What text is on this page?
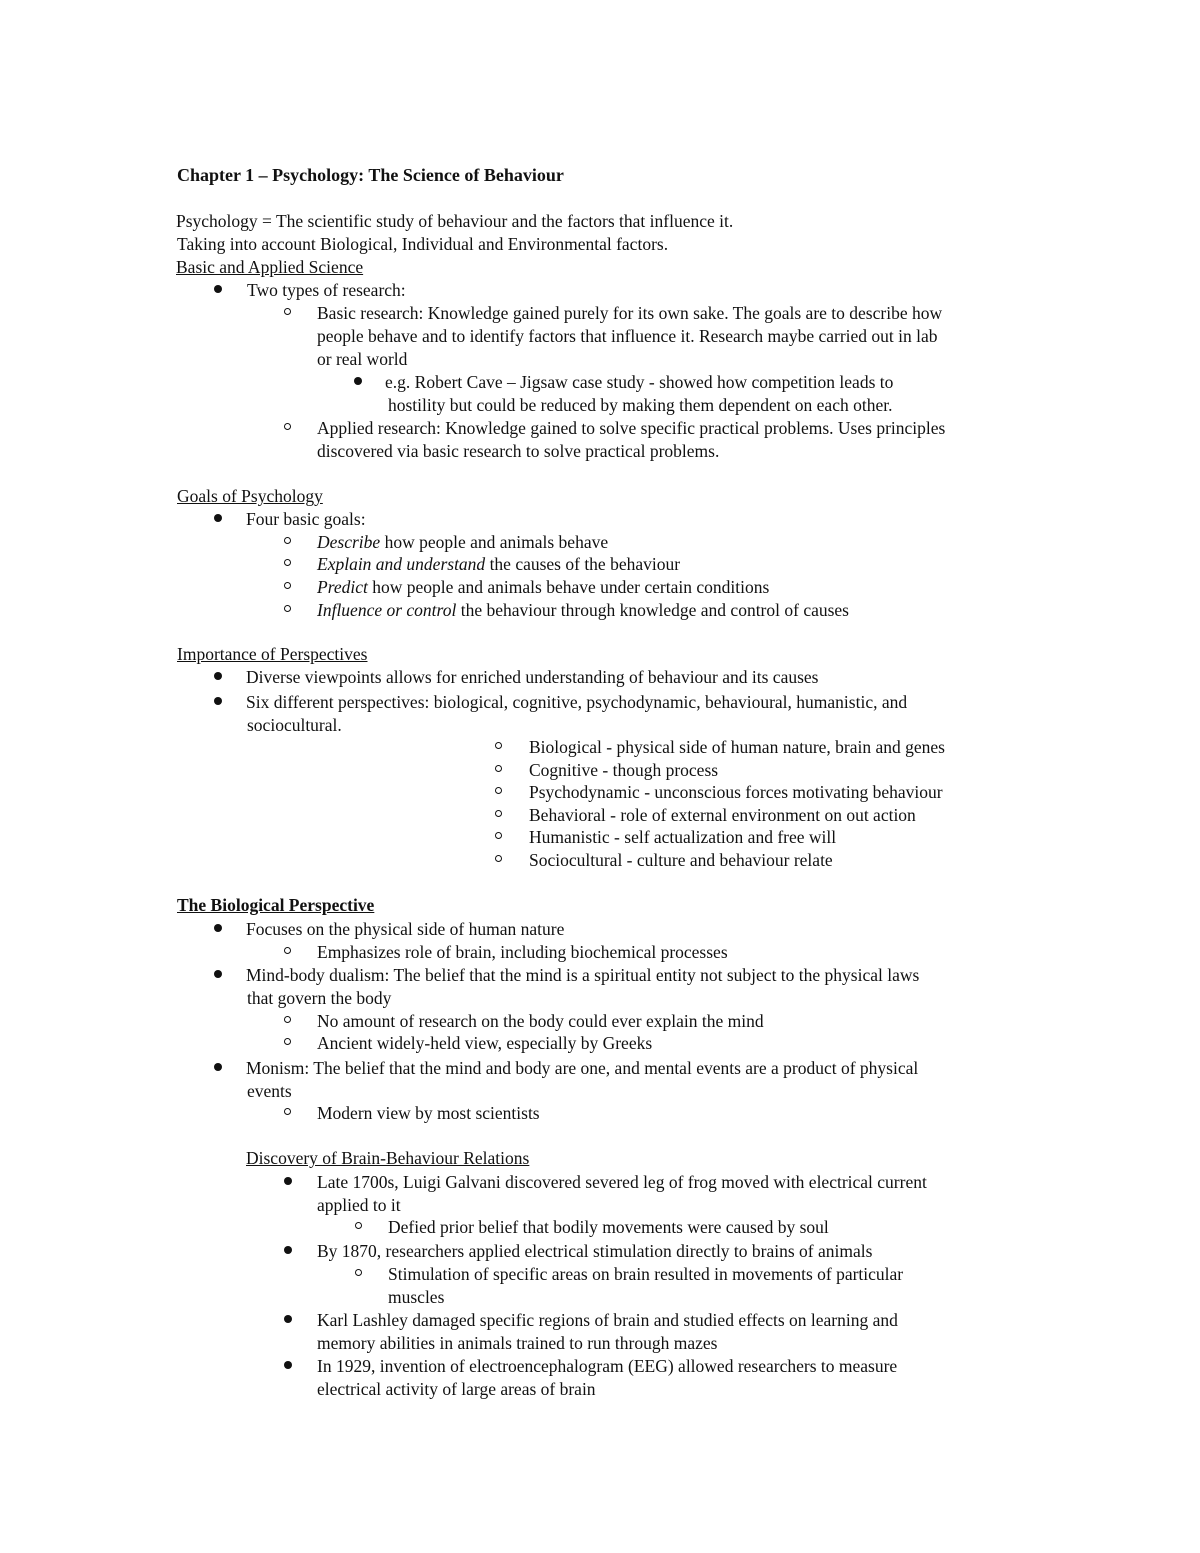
Chapter 1 – Psychology: The Science of Behaviour
Psychology = The scientific study of behaviour and the factors that influence it.
Taking into account Biological, Individual and Environmental factors.
Basic and Applied Science
Two types of research:
Basic research: Knowledge gained purely for its own sake. The goals are to describe how
people behave and to identify factors that influence it. Research maybe carried out in lab
or real world
e.g. Robert Cave – Jigsaw case study - showed how competition leads to
hostility but could be reduced by making them dependent on each other.
Applied research: Knowledge gained to solve specific practical problems. Uses principles
discovered via basic research to solve practical problems.
Goals of Psychology
Four basic goals:
Describe how people and animals behave
Explain and understand the causes of the behaviour
Predict how people and animals behave under certain conditions
Influence or control the behaviour through knowledge and control of causes
Importance of Perspectives
Diverse viewpoints allows for enriched understanding of behaviour and its causes
Six different perspectives: biological, cognitive, psychodynamic, behavioural, humanistic, and
sociocultural.
Biological - physical side of human nature, brain and genes
Cognitive - though process
Psychodynamic - unconscious forces motivating behaviour
Behavioral - role of external environment on out action
Humanistic - self actualization and free will
Sociocultural - culture and behaviour relate
The Biological Perspective
Focuses on the physical side of human nature
Emphasizes role of brain, including biochemical processes
Mind-body dualism: The belief that the mind is a spiritual entity not subject to the physical laws
that govern the body
No amount of research on the body could ever explain the mind
Ancient widely-held view, especially by Greeks
Monism: The belief that the mind and body are one, and mental events are a product of physical
events
Modern view by most scientists
Discovery of Brain-Behaviour Relations
Late 1700s, Luigi Galvani discovered severed leg of frog moved with electrical current
applied to it
Defied prior belief that bodily movements were caused by soul
By 1870, researchers applied electrical stimulation directly to brains of animals
Stimulation of specific areas on brain resulted in movements of particular
muscles
Karl Lashley damaged specific regions of brain and studied effects on learning and
memory abilities in animals trained to run through mazes
In 1929, invention of electroencephalogram (EEG) allowed researchers to measure
electrical activity of large areas of brain
